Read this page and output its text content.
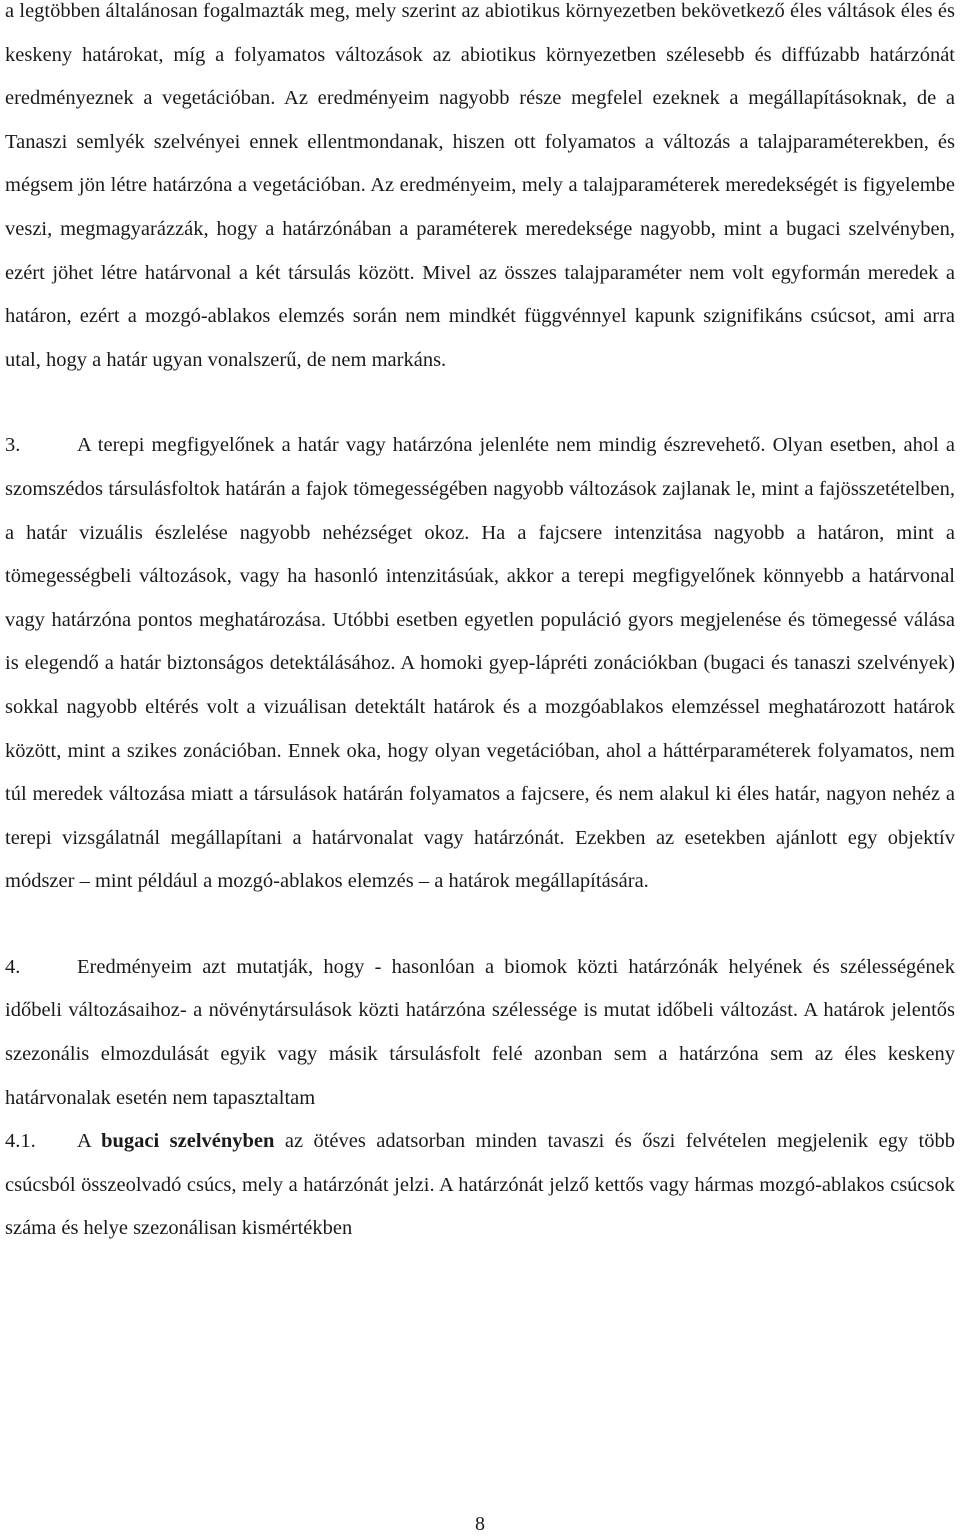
a legtöbben általánosan fogalmazták meg, mely szerint az abiotikus környezetben bekövetkező éles váltások éles és keskeny határokat, míg a folyamatos változások az abiotikus környezetben szélesebb és diffúzabb határzónát eredményeznek a vegetációban. Az eredményeim nagyobb része megfelel ezeknek a megállapításoknak, de a Tanaszi semlyék szelvényei ennek ellentmondanak, hiszen ott folyamatos a változás a talajparaméterekben, és mégsem jön létre határzóna a vegetációban. Az eredményeim, mely a talajparaméterek meredekségét is figyelembe veszi, megmagyarázzák, hogy a határzónában a paraméterek meredeksége nagyobb, mint a bugaci szelvényben, ezért jöhet létre határvonal a két társulás között. Mivel az összes talajparaméter nem volt egyformán meredek a határon, ezért a mozgó-ablakos elemzés során nem mindkét függvénnyel kapunk szignifikáns csúcsot, ami arra utal, hogy a határ ugyan vonalszerű, de nem markáns.

3.	A terepi megfigyelőnek a határ vagy határzóna jelenléte nem mindig észrevehető. Olyan esetben, ahol a szomszédos társulásfoltok határán a fajok tömegességében nagyobb változások zajlanak le, mint a fajösszetételben, a határ vizuális észlelése nagyobb nehézséget okoz. Ha a fajcsere intenzitása nagyobb a határon, mint a tömegességbeli változások, vagy ha hasonló intenzitásúak, akkor a terepi megfigyelőnek könnyebb a határvonal vagy határzóna pontos meghatározása. Utóbbi esetben egyetlen populáció gyors megjelenése és tömegessé válása is elegendő a határ biztonságos detektálásához. A homoki gyep-lápréti zonációkban (bugaci és tanaszi szelvények) sokkal nagyobb eltérés volt a vizuálisan detektált határok és a mozgóablakos elemzéssel meghatározott határok között, mint a szikes zonációban. Ennek oka, hogy olyan vegetációban, ahol a háttérparaméterek folyamatos, nem túl meredek változása miatt a társulások határán folyamatos a fajcsere, és nem alakul ki éles határ, nagyon nehéz a terepi vizsgálatnál megállapítani a határvonalat vagy határzónát. Ezekben az esetekben ajánlott egy objektív módszer – mint például a mozgó-ablakos elemzés – a határok megállapítására.

4.	Eredményeim azt mutatják, hogy - hasonlóan a biomok közti határzónák helyének és szélességének időbeli változásaihoz- a növénytársulások közti határzóna szélessége is mutat időbeli változást. A határok jelentős szezonális elmozdulását egyik vagy másik társulásfolt felé azonban sem a határzóna sem az éles keskeny határvonalak esetén nem tapasztaltam

4.1. A bugaci szelvényben az ötéves adatsorban minden tavaszi és őszi felvételen megjelenik egy több csúcsból összeolvadó csúcs, mely a határzónát jelzi. A határzónát jelző kettős vagy hármas mozgó-ablakos csúcsok száma és helye szezonálisan kismértékben

8
